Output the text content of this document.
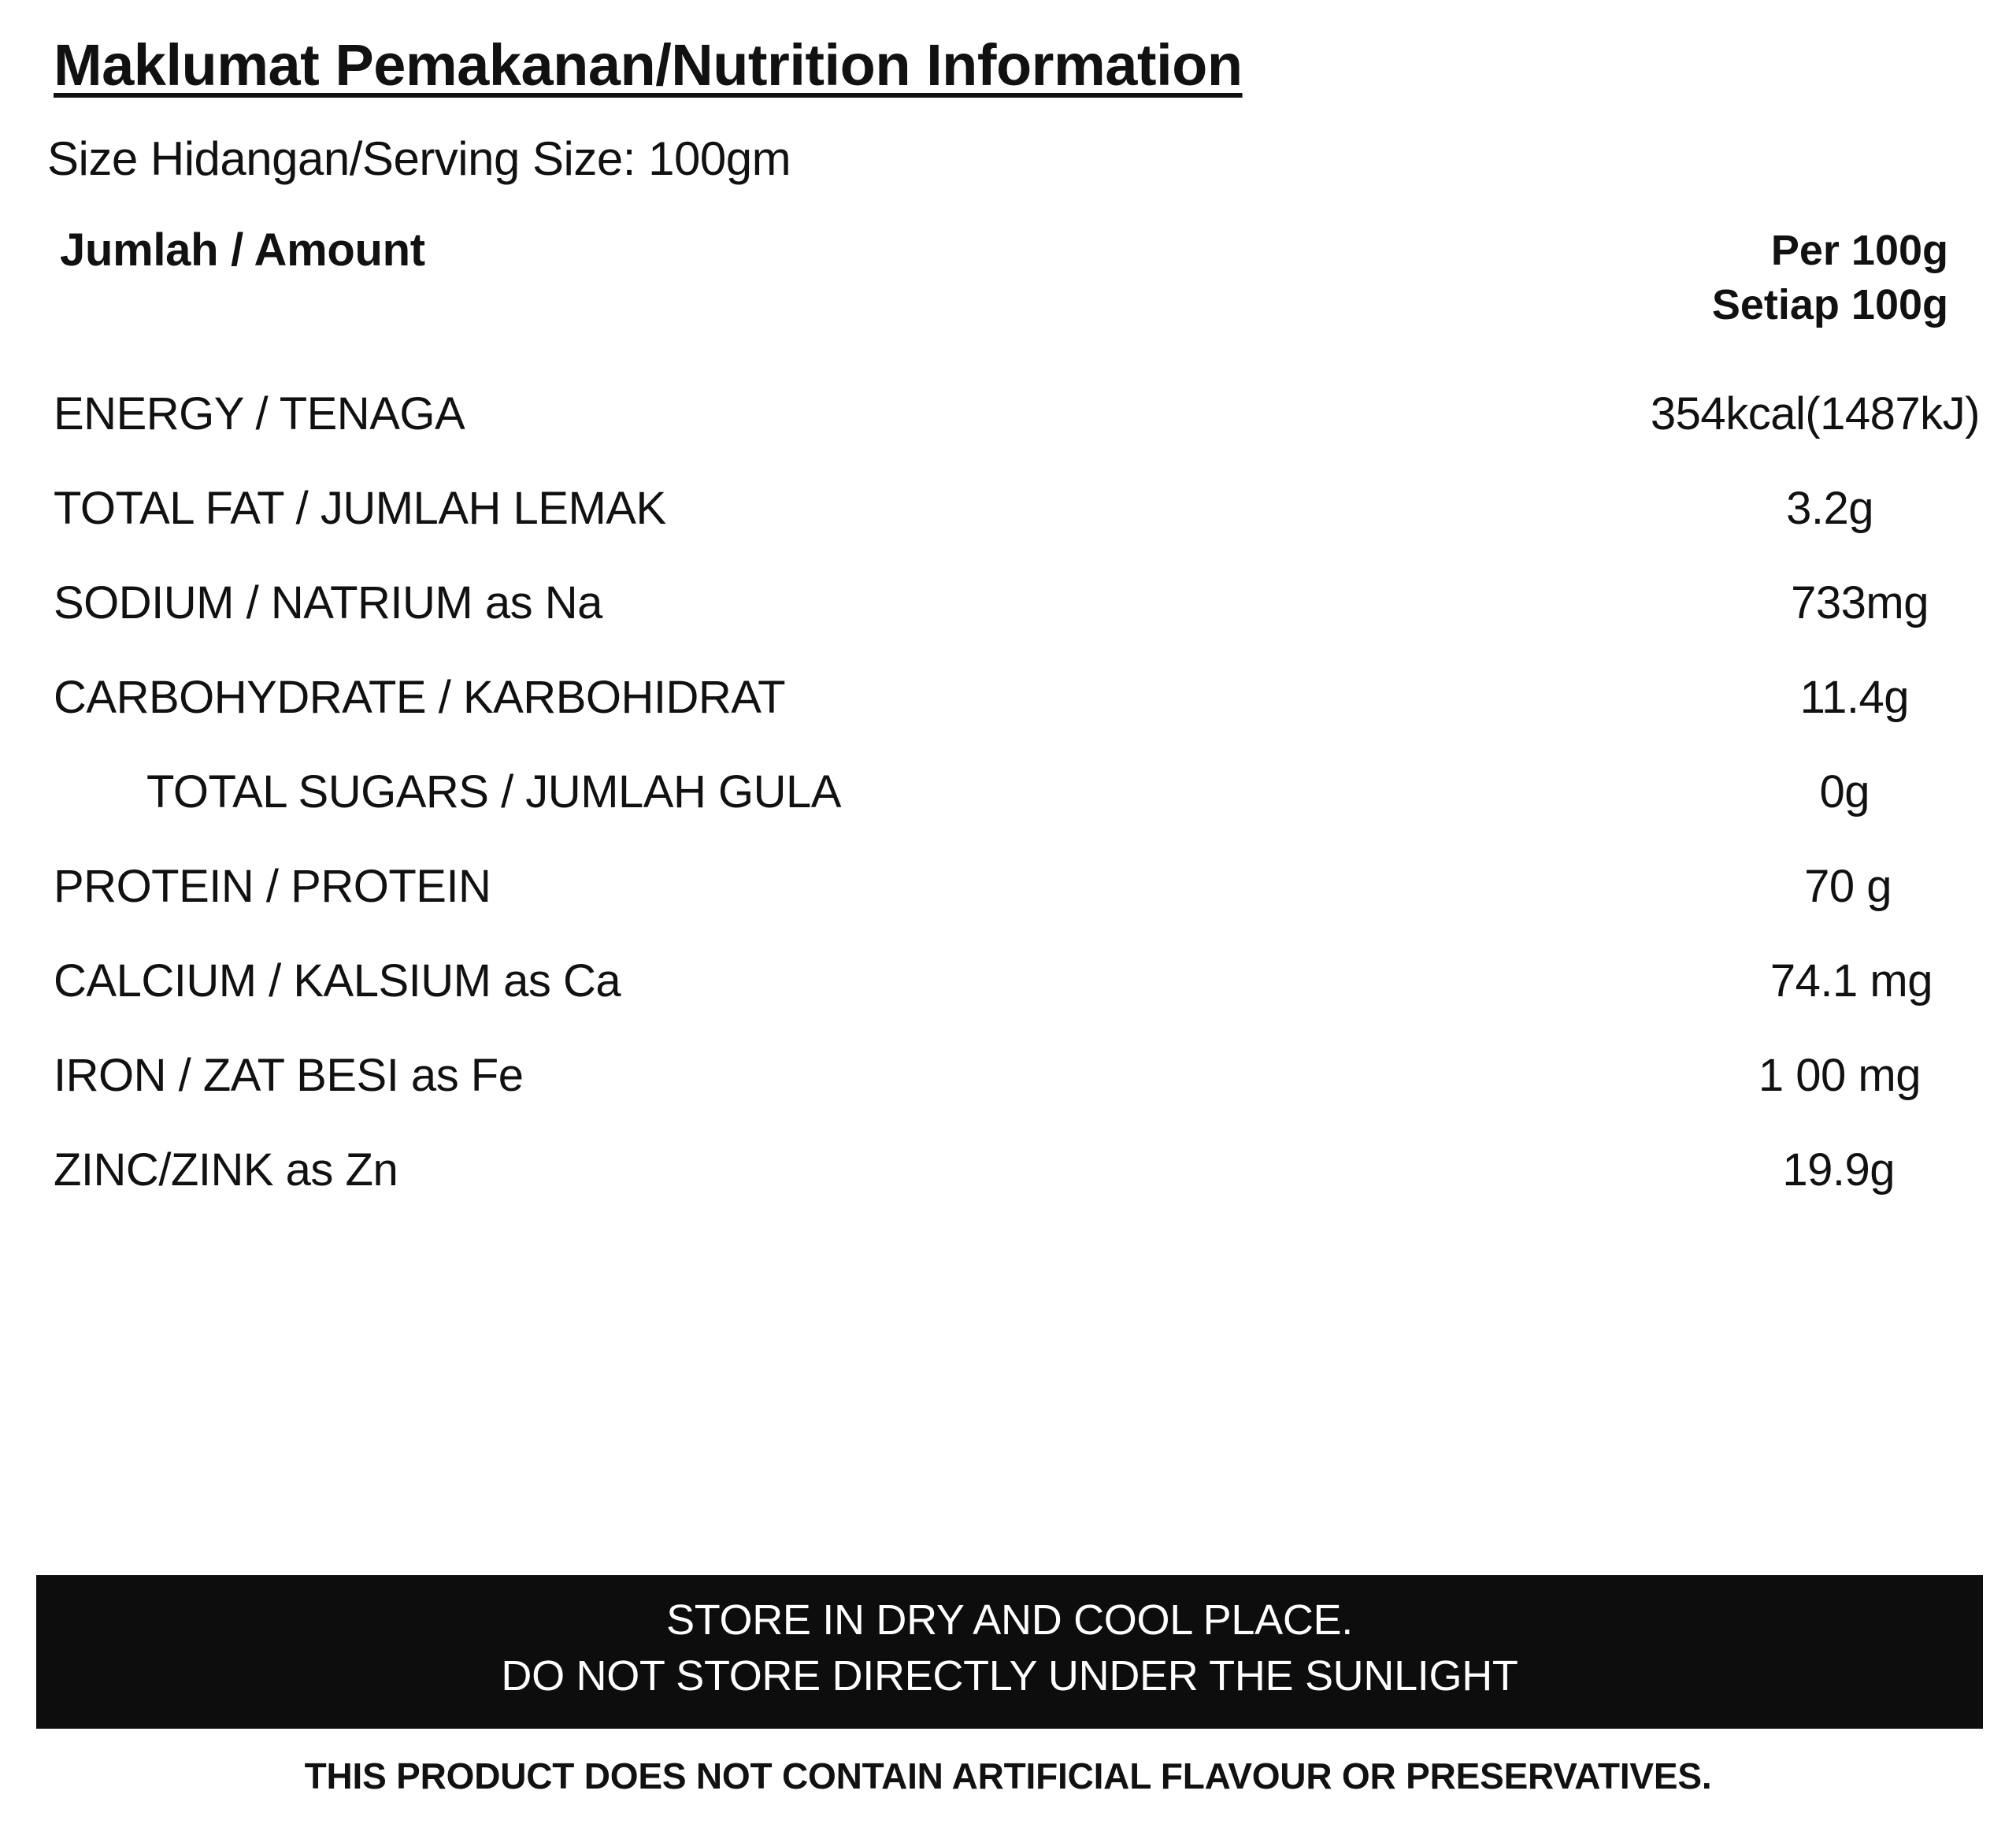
Maklumat Pemakanan/Nutrition Information
Size Hidangan/Serving Size: 100gm
Jumlah / Amount	Per 100g
Setiap 100g
ENERGY / TENAGA	354kcal(1487kJ)
TOTAL FAT / JUMLAH LEMAK	3.2g
SODIUM / NATRIUM as Na	733mg
CARBOHYDRATE / KARBOHIDRAT	11.4g
TOTAL SUGARS / JUMLAH GULA	0g
PROTEIN / PROTEIN	70 g
CALCIUM / KALSIUM as Ca	74.1 mg
IRON / ZAT BESI as Fe	1 00 mg
ZINC/ZINK as Zn	19.9g
STORE IN DRY AND COOL PLACE.
DO NOT STORE DIRECTLY UNDER THE SUNLIGHT
THIS PRODUCT DOES NOT CONTAIN ARTIFICIAL FLAVOUR OR PRESERVATIVES.
